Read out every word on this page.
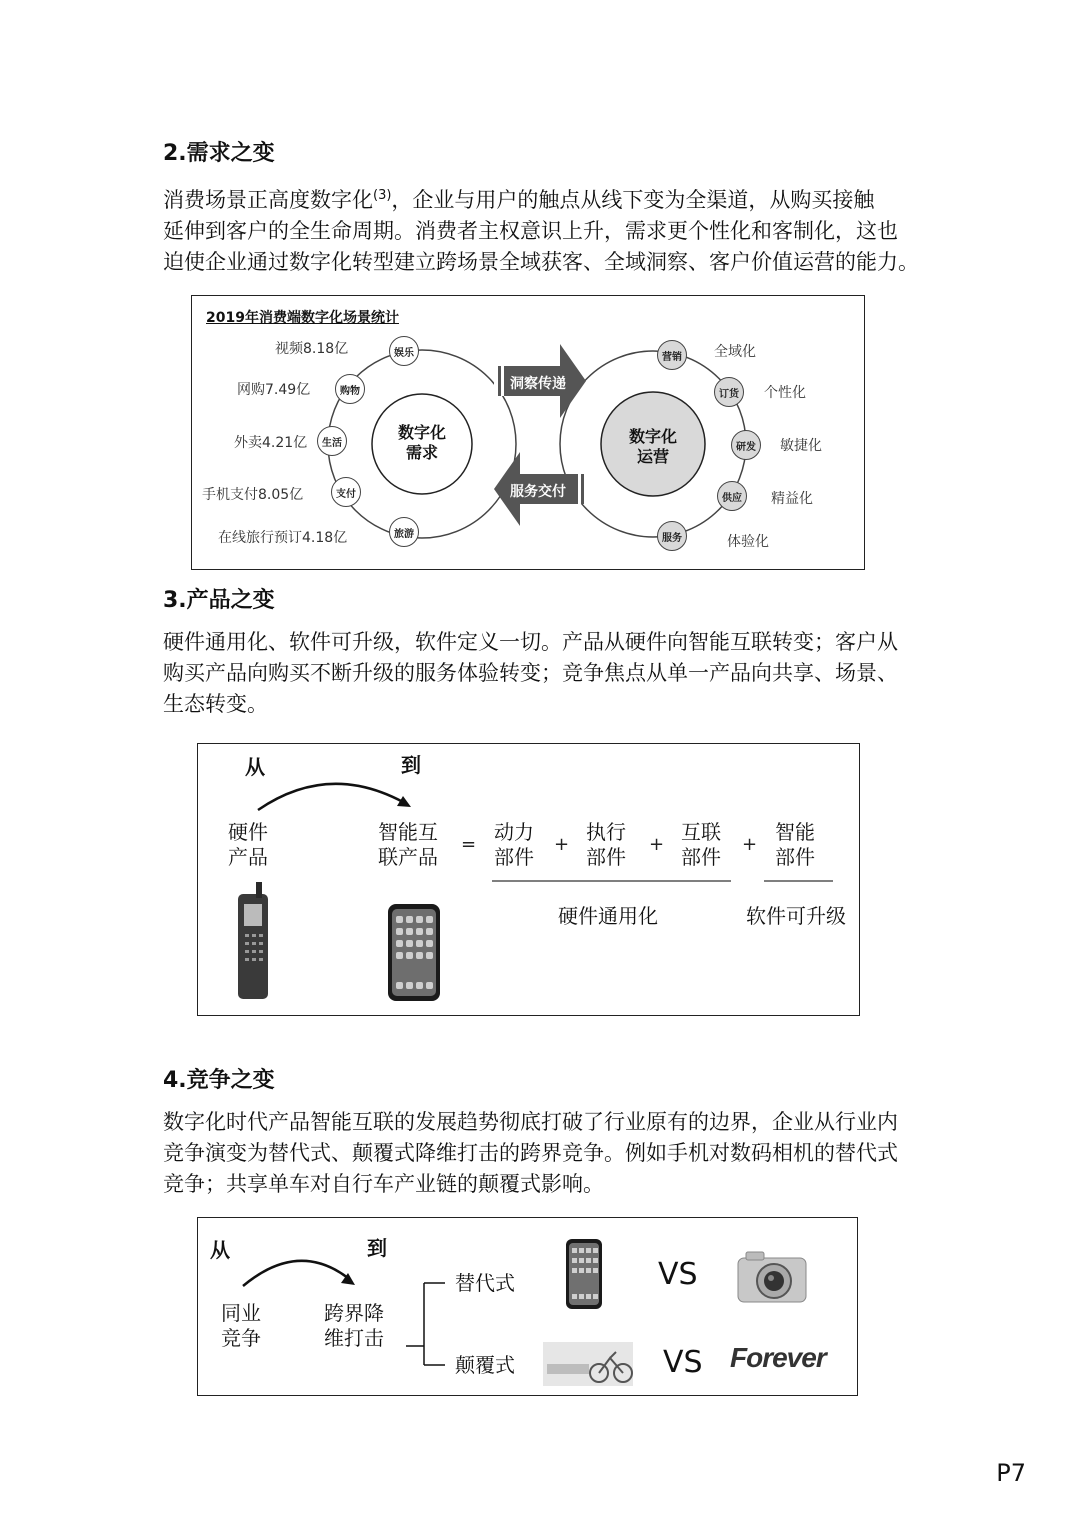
2.需求之变

消费场景正高度数字化$^{(3)}$，企业与用户的触点从线下变为全渠道，从购买接触

延伸到客户的全生命周期。消费者主权意识上升，需求更个性化和客制化，这也

迫使企业通过数字化转型建立跨场景全域获客、全域洞察、客户价值运营的能力。

2019年消费端数字化场景统计
数字化
需求
数字化
运营
视频8.18亿
网购7.49亿
外卖4.21亿
手机支付8.05亿
在线旅行预订4.18亿
娱乐
购物
生活
支付
旅游
洞察传递
服务交付
营销
订货
研发
供应
服务
全域化
个性化
敏捷化
精益化
体验化
3.产品之变

硬件通用化、软件可升级，软件定义一切。产品从硬件向智能互联转变；客户从

购买产品向购买不断升级的服务体验转变；竞争焦点从单一产品向共享、场景、

生态转变。

从	到
硬件
产品
智能互
联产品
=
动力
部件
+
执行
部件
+
互联
部件
+
智能
部件
硬件通用化	软件可升级
4.竞争之变

数字化时代产品智能互联的发展趋势彻底打破了行业原有的边界，企业从行业内

竞争演变为替代式、颠覆式降维打击的跨界竞争。例如手机对数码相机的替代式

竞争；共享单车对自行车产业链的颠覆式影响。

从	到
同业
竞争
跨界降
维打击
替代式
颠覆式
VS
VS Forever
P7
